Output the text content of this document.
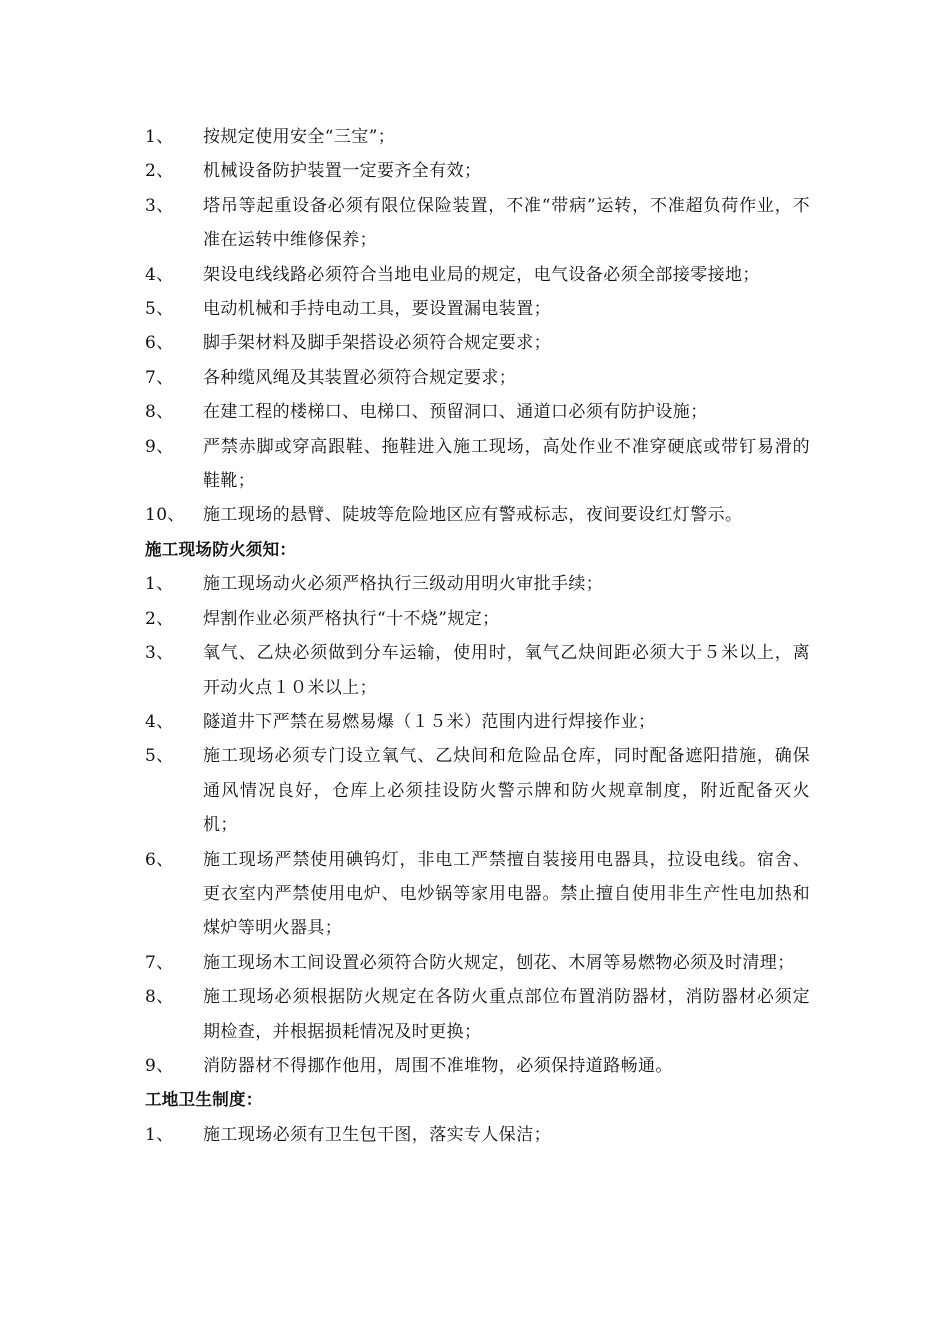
1、	按规定使用安全“三宝”；
2、	机械设备防护装置一定要齐全有效；
3、	塔吊等起重设备必须有限位保险装置，不准“带病”运转，不准超负荷作业，不准在运转中维修保养；
4、	架设电线线路必须符合当地电业局的规定，电气设备必须全部接零接地；
5、	电动机械和手持电动工具，要设置漏电装置；
6、	脚手架材料及脚手架搭设必须符合规定要求；
7、	各种缆风绳及其装置必须符合规定要求；
8、	在建工程的楼梯口、电梯口、预留洞口、通道口必须有防护设施；
9、	严禁赤脚或穿高跟鞋、拖鞋进入施工现场，高处作业不准穿硬底或带钉易滑的鞋靴；
10、	施工现场的悬臂、陡坡等危险地区应有警戒标志，夜间要设红灯警示。
施工现场防火须知：
1、	施工现场动火必须严格执行三级动用明火审批手续；
2、	焊割作业必须严格执行“十不烧”规定；
3、	氧气、乙炔必须做到分车运输，使用时，氧气乙炔间距必须大于５米以上，离开动火点１０米以上；
4、	隧道井下严禁在易燃易爆（１５米）范围内进行焊接作业；
5、	施工现场必须专门设立氧气、乙炔间和危险品仓库，同时配备遮阳措施，确保通风情况良好，仓库上必须挂设防火警示牌和防火规章制度，附近配备灭火机；
6、	施工现场严禁使用碘钨灯，非电工严禁擅自装接用电器具，拉设电线。宿舍、更衣室内严禁使用电炉、电炒锅等家用电器。禁止擅自使用非生产性电加热和煤炉等明火器具；
7、	施工现场木工间设置必须符合防火规定，刨花、木屑等易燃物必须及时清理；
8、	施工现场必须根据防火规定在各防火重点部位布置消防器材，消防器材必须定期检查，并根据损耗情况及时更换；
9、	消防器材不得挪作他用，周围不准堆物，必须保持道路畅通。
工地卫生制度：
1、	施工现场必须有卫生包干图，落实专人保洁；
